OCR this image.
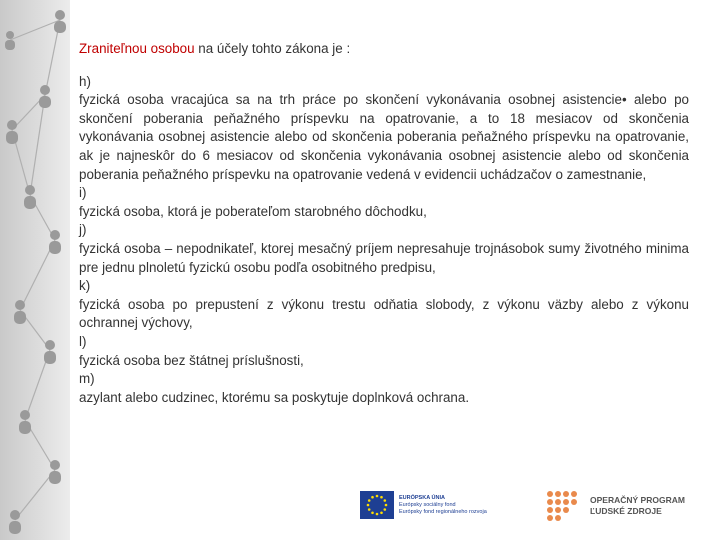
Zraniteľnou osobou na účely tohto zákona je :

h)

fyzická osoba vracajúca sa na trh práce po skončení vykonávania osobnej asistencie• alebo po skončení poberania peňažného príspevku na opatrovanie, a to 18 mesiacov od skončenia vykonávania osobnej asistencie alebo od skončenia poberania peňažného príspevku na opatrovanie, ak je najneskôr do 6 mesiacov od skončenia vykonávania osobnej asistencie alebo od skončenia poberania peňažného príspevku na opatrovanie vedená v evidencii uchádzačov o zamestnanie,

i)

fyzická osoba, ktorá je poberateľom starobného dôchodku,

j)

fyzická osoba – nepodnikateľ, ktorej mesačný príjem nepresahuje trojnásobok sumy životného minima pre jednu plnoletú fyzickú osobu podľa osobitného predpisu,

k)

fyzická osoba po prepustení z výkonu trestu odňatia slobody, z výkonu väzby alebo z výkonu ochrannej výchovy,

l)

fyzická osoba bez štátnej príslušnosti,

m)

azylant alebo cudzinec, ktorému sa poskytuje doplnková ochrana.

EURÓPSKA ÚNIA
Európsky sociálny fond
Európsky fond regionálneho rozvoja
OPERAČNÝ PROGRAM
ĽUDSKÉ ZDROJE
